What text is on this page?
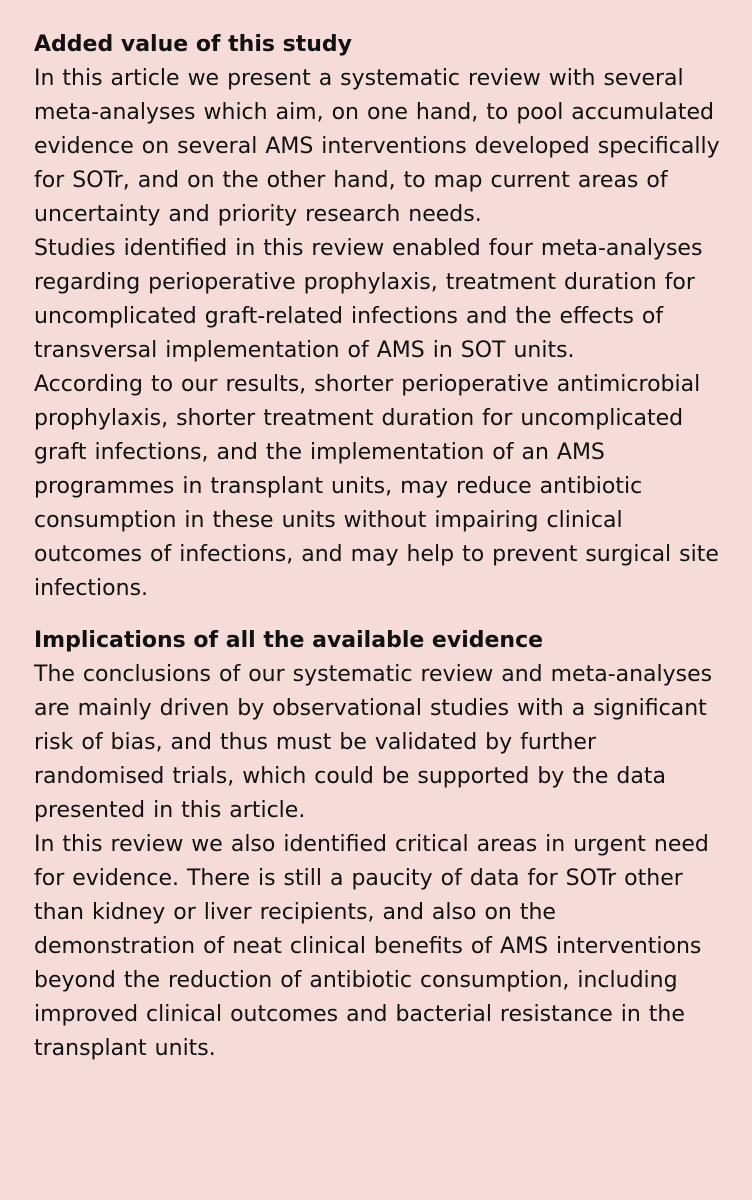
Added value of this study

In this article we present a systematic review with several
meta-analyses which aim, on one hand, to pool accumulated
evidence on several AMS interventions developed specifically
for SOTr, and on the other hand, to map current areas of
uncertainty and priority research needs.

Studies identified in this review enabled four meta-analyses
regarding perioperative prophylaxis, treatment duration for
uncomplicated graft-related infections and the effects of
transversal implementation of AMS in SOT units.

According to our results, shorter perioperative antimicrobial
prophylaxis, shorter treatment duration for uncomplicated
graft infections, and the implementation of an AMS
programmes in transplant units, may reduce antibiotic
consumption in these units without impairing clinical
outcomes of infections, and may help to prevent surgical site
infections.

Implications of all the available evidence

The conclusions of our systematic review and meta-analyses
are mainly driven by observational studies with a significant
risk of bias, and thus must be validated by further
randomised trials, which could be supported by the data
presented in this article.

In this review we also identified critical areas in urgent need
for evidence. There is still a paucity of data for SOTr other
than kidney or liver recipients, and also on the
demonstration of neat clinical benefits of AMS interventions
beyond the reduction of antibiotic consumption, including
improved clinical outcomes and bacterial resistance in the
transplant units.
